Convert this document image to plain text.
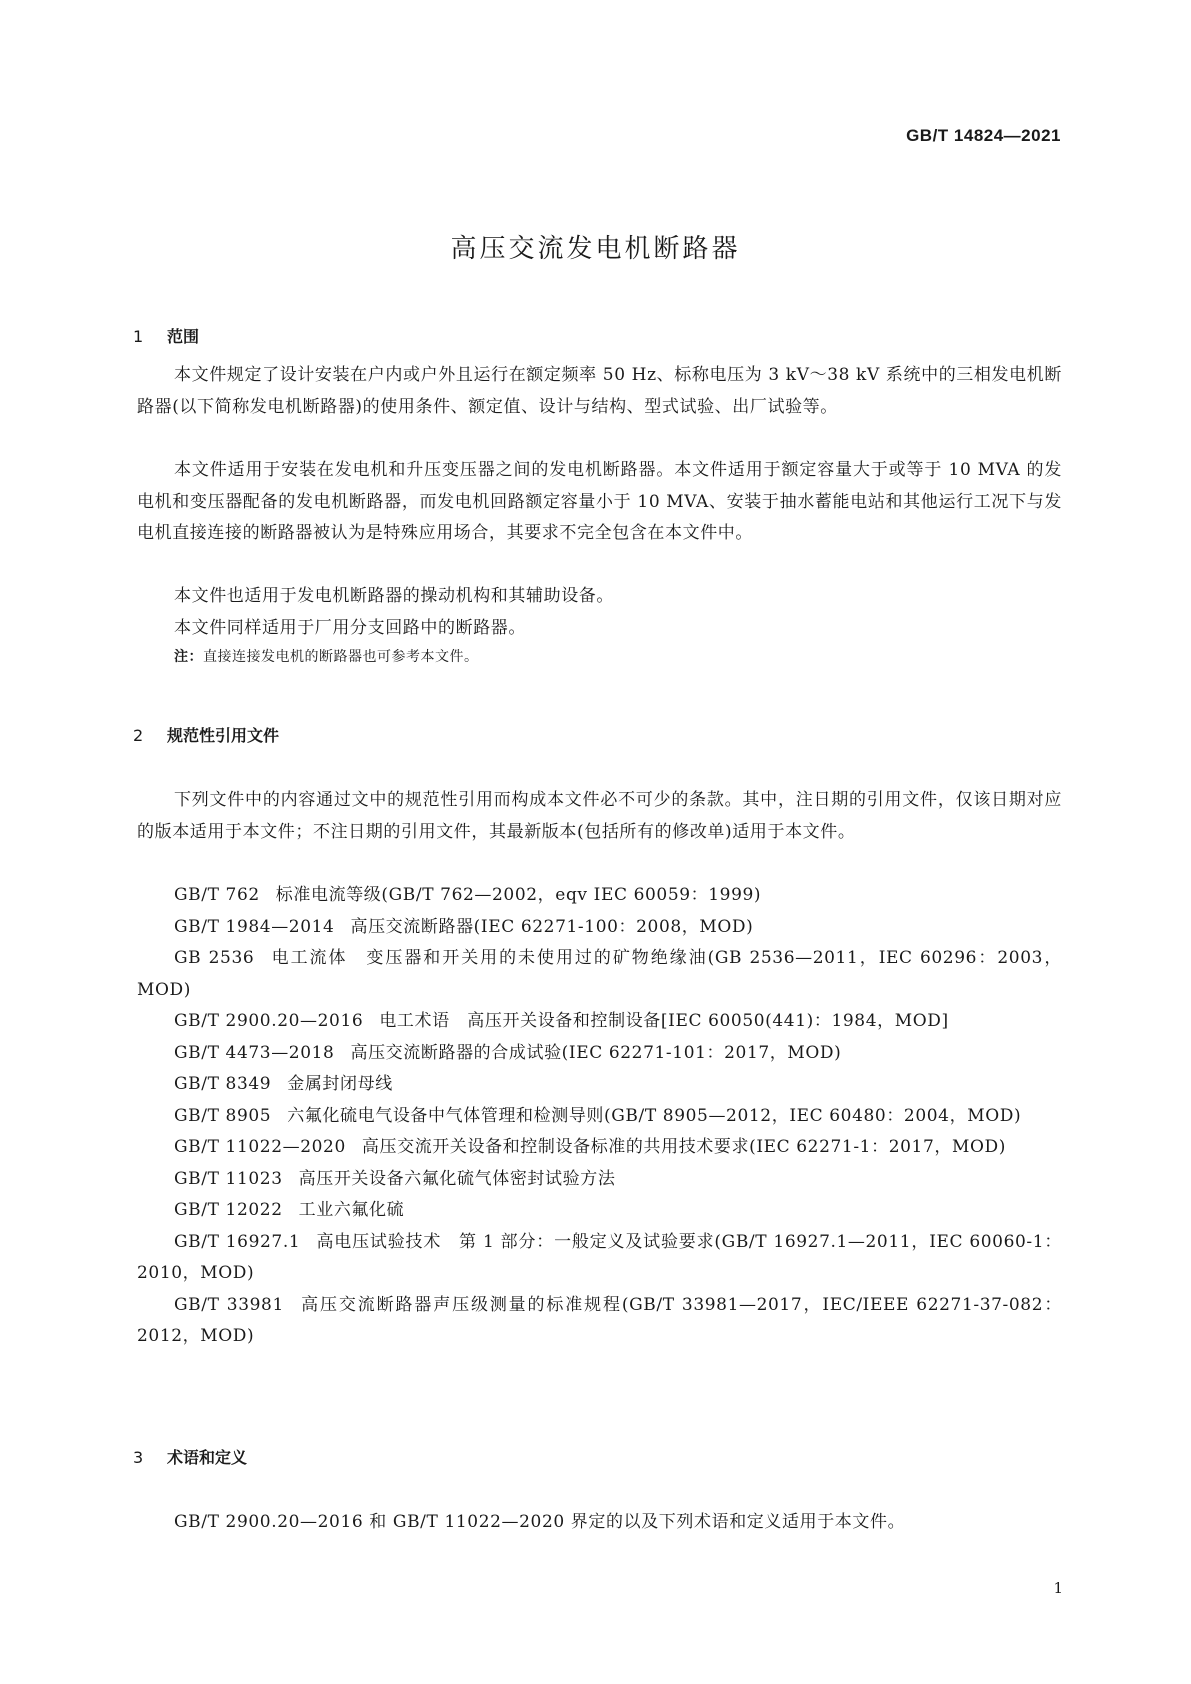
GB/T 14824—2021
高压交流发电机断路器
1 范围
本文件规定了设计安装在户内或户外且运行在额定频率 50 Hz、标称电压为 3 kV～38 kV 系统中的三相发电机断路器(以下简称发电机断路器)的使用条件、额定值、设计与结构、型式试验、出厂试验等。
本文件适用于安装在发电机和升压变压器之间的发电机断路器。本文件适用于额定容量大于或等于 10 MVA 的发电机和变压器配备的发电机断路器，而发电机回路额定容量小于 10 MVA、安装于抽水蓄能电站和其他运行工况下与发电机直接连接的断路器被认为是特殊应用场合，其要求不完全包含在本文件中。
本文件也适用于发电机断路器的操动机构和其辅助设备。
本文件同样适用于厂用分支回路中的断路器。
注：直接连接发电机的断路器也可参考本文件。
2 规范性引用文件
下列文件中的内容通过文中的规范性引用而构成本文件必不可少的条款。其中，注日期的引用文件，仅该日期对应的版本适用于本文件；不注日期的引用文件，其最新版本(包括所有的修改单)适用于本文件。
GB/T 762 标准电流等级(GB/T 762—2002，eqv IEC 60059：1999)
GB/T 1984—2014 高压交流断路器(IEC 62271-100：2008，MOD)
GB 2536 电工流体　变压器和开关用的未使用过的矿物绝缘油(GB 2536—2011，IEC 60296：2003，MOD)
GB/T 2900.20—2016 电工术语　高压开关设备和控制设备[IEC 60050(441)：1984，MOD]
GB/T 4473—2018 高压交流断路器的合成试验(IEC 62271-101：2017，MOD)
GB/T 8349 金属封闭母线
GB/T 8905 六氟化硫电气设备中气体管理和检测导则(GB/T 8905—2012，IEC 60480：2004，MOD)
GB/T 11022—2020 高压交流开关设备和控制设备标准的共用技术要求(IEC 62271-1：2017，MOD)
GB/T 11023 高压开关设备六氟化硫气体密封试验方法
GB/T 12022 工业六氟化硫
GB/T 16927.1 高电压试验技术　第 1 部分：一般定义及试验要求(GB/T 16927.1—2011，IEC 60060-1：2010，MOD)
GB/T 33981 高压交流断路器声压级测量的标准规程(GB/T 33981—2017，IEC/IEEE 62271-37-082：2012，MOD)
3 术语和定义
GB/T 2900.20—2016 和 GB/T 11022—2020 界定的以及下列术语和定义适用于本文件。
1
